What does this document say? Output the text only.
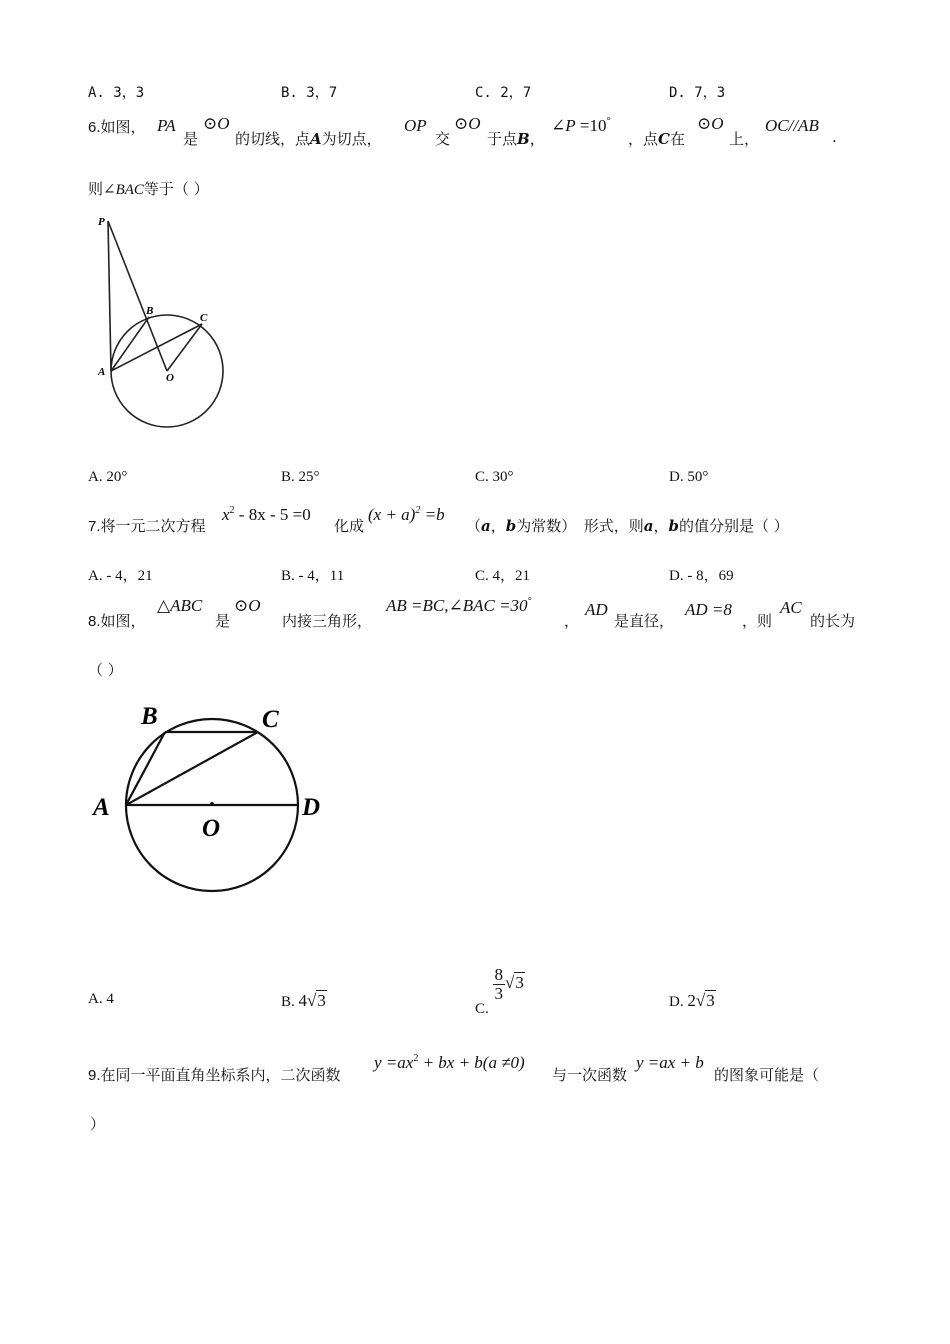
A. 3，3	B. 3，7	C. 2，7	D. 7，3
6.如图， PA
是
⊙O
的切线，点A为切点，
OP
交
⊙O
于点B，
∠P =10°
，点C在
⊙O
上，
OC//AB
.
则∠BAC等于（ ）
P
B
C
A	O
A. 20°	B. 25°	C. 30°	D. 50°
7.将一元二次方程
$x^2 - 8x - 5 =0$
化成
$(x + a)^2 =b$
（a，b为常数）　形式，则a，b的值分别是（ ）
A. - 4，21	B. - 4，11	C. 4，21	D. - 8，69
8.如图，
△ABC
是
⊙O
内接三角形，
AB =BC,∠BAC =30°
，
AD
是直径，
AD =8
，则
AC
的长为
（ ）
B	C
A
O
D
A. 4	B. 4√3	C.
$\frac{8}{3} √3$
D. 2√3
9.在同一平面直角坐标系内，二次函数
$y =ax^2$ + bx + b(a ≠0)
与一次函数
y =ax + b
的图象可能是（
）
